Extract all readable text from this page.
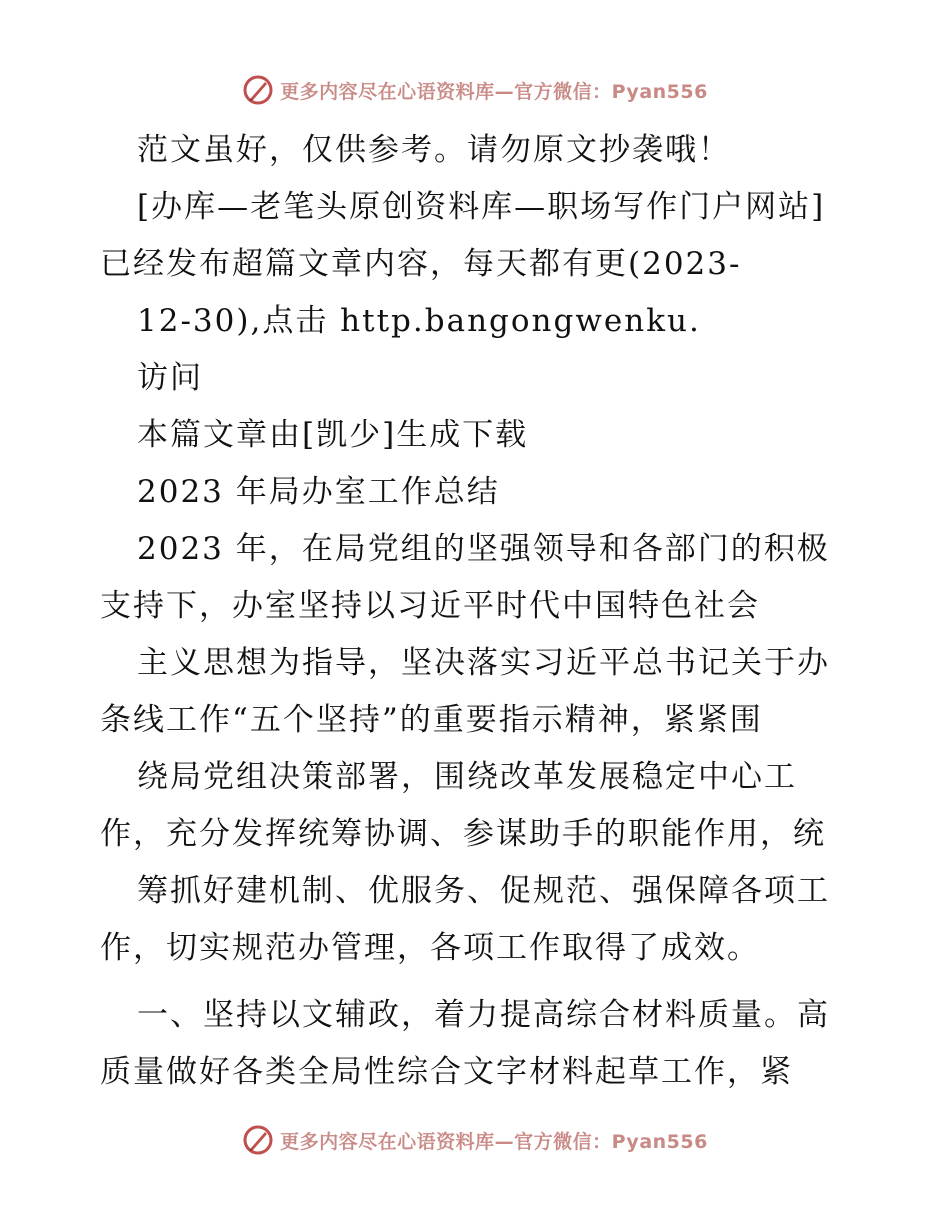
更多内容尽在心语资料库—官方微信：Pyan556
范文虽好，仅供参考。请勿原文抄袭哦！
[办库—老笔头原创资料库—职场写作门户网站]
已经发布超篇文章内容，每天都有更(2023-
12-30),点击 http.bangongwenku.
访问
本篇文章由[凯少]生成下载
2023 年局办室工作总结
2023 年，在局党组的坚强领导和各部门的积极
支持下，办室坚持以习近平时代中国特色社会
主义思想为指导，坚决落实习近平总书记关于办
条线工作“五个坚持”的重要指示精神，紧紧围
绕局党组决策部署，围绕改革发展稳定中心工
作，充分发挥统筹协调、参谋助手的职能作用，统
筹抓好建机制、优服务、促规范、强保障各项工
作，切实规范办管理，各项工作取得了成效。
一、坚持以文辅政，着力提高综合材料质量。高
质量做好各类全局性综合文字材料起草工作，紧
更多内容尽在心语资料库—官方微信：Pyan556
